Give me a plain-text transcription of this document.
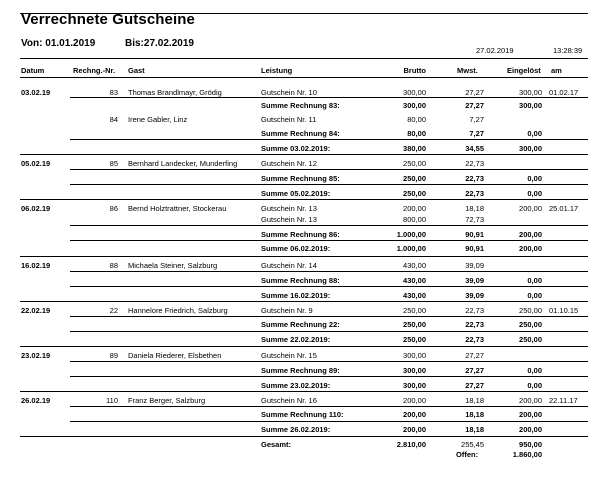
Verrechnete Gutscheine
Von: 01.01.2019	Bis:27.02.2019
27.02.2019	13:28:39
Datum	Rechng.-Nr. Gast	Leistung	Brutto	Mwst.	Eingelöst am
03.02.19	83 Thomas Brandlmayr, Grödig	Gutschein Nr. 10	300,00	27,27	300,00 01.02.17
Summe Rechnung 83:	300,00	27,27	300,00
84 Irene Gabler, Linz	Gutschein Nr. 11	80,00	7,27
Summe Rechnung 84:	80,00	7,27	0,00
Summe 03.02.2019:	380,00	34,55	300,00
05.02.19	85 Bernhard Landecker, Munderfing	Gutschein Nr. 12	250,00	22,73
Summe Rechnung 85:	250,00	22,73	0,00
Summe 05.02.2019:	250,00	22,73	0,00
06.02.19	86 Bernd Holztrattner, Stockerau	Gutschein Nr. 13	200,00	18,18	200,00 25.01.17
Gutschein Nr. 13	800,00	72,73
Summe Rechnung 86:	1.000,00	90,91	200,00
Summe 06.02.2019:	1.000,00	90,91	200,00
16.02.19	88 Michaela Steiner, Salzburg	Gutschein Nr. 14	430,00	39,09
Summe Rechnung 88:	430,00	39,09	0,00
Summe 16.02.2019:	430,00	39,09	0,00
22.02.19	22 Hannelore Friedrich, Salzburg	Gutschein Nr. 9	250,00	22,73	250,00 01.10.15
Summe Rechnung 22:	250,00	22,73	250,00
Summe 22.02.2019:	250,00	22,73	250,00
23.02.19	89 Daniela Riederer, Elsbethen	Gutschein Nr. 15	300,00	27,27
Summe Rechnung 89:	300,00	27,27	0,00
Summe 23.02.2019:	300,00	27,27	0,00
26.02.19	110 Franz Berger, Salzburg	Gutschein Nr. 16	200,00	18,18	200,00 22.11.17
Summe Rechnung 110:	200,00	18,18	200,00
Summe 26.02.2019:	200,00	18,18	200,00
Gesamt:	2.810,00	255,45	950,00
Offen:	1.860,00
